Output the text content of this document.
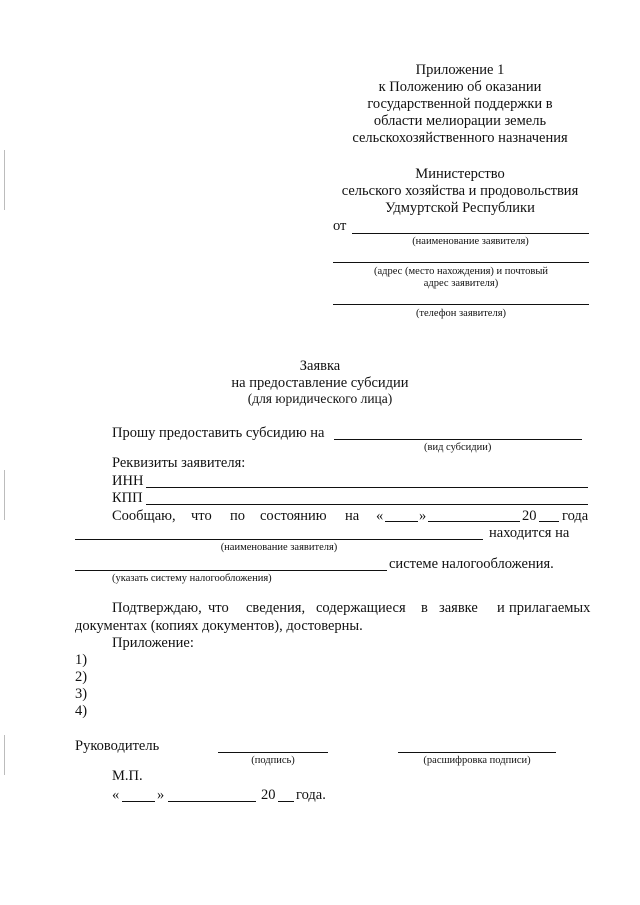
Приложение 1
к Положению об оказании
государственной поддержки в
области мелиорации земель
сельскохозяйственного назначения
Министерство
сельского хозяйства и продовольствия
Удмуртской Республики
от
(наименование заявителя)
(адрес (место нахождения) и почтовый
адрес заявителя)
(телефон заявителя)
Заявка
на предоставление субсидии
(для юридического лица)
Прошу предоставить субсидию на
(вид субсидии)
Реквизиты заявителя:
ИНН
КПП
Сообщаю, что по состоянию на « »	20 года
находится на
(наименование заявителя)
системе налогообложения.
(указать систему налогообложения)
Подтверждаю, что сведения, содержащиеся в заявке и прилагаемых
документах (копиях документов), достоверны.
Приложение:
1)
2)
3)
4)
Руководитель
(подпись)	(расшифровка подписи)
М.П.
«	»	20 года.
